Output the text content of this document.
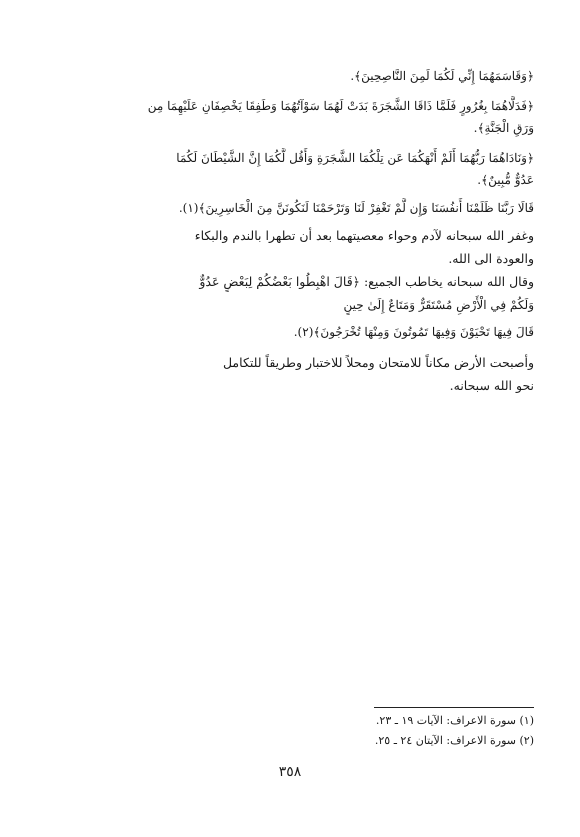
﴿وَقَاسَمَهُمَا إِنِّي لَكُمَا لَمِنَ النَّاصِحِينَ﴾.
﴿فَدَلَّاهُمَا بِغُرُورٍ فَلَمَّا ذَاقَا الشَّجَرَةَ بَدَتْ لَهُمَا سَوْآتُهُمَا وَطَفِقَا يَخْصِفَانِ عَلَيْهِمَا مِن
وَرَقِ الْجَنَّةِ﴾.
﴿وَنَادَاهُمَا رَبُّهُمَا أَلَمْ أَنْهَكُمَا عَن تِلْكُمَا الشَّجَرَةِ وَأَقُل لَّكُمَا إِنَّ الشَّيْطَانَ لَكُمَا
عَدُوٌّ مُّبِينٌ﴾.
قَالَا رَبَّنَا ظَلَمْنَا أَنفُسَنَا وَإِن لَّمْ تَغْفِرْ لَنَا وَتَرْحَمْنَا لَنَكُونَنَّ مِنَ الْخَاسِرِينَ﴾(١).
وغفر الله سبحانه لآدم وحواء معصيتهما بعد أن تطهرا بالندم والبكاء
والعودة الى الله.
وقال الله سبحانه يخاطب الجميع: ﴿قَالَ اهْبِطُوا بَعْضُكُمْ لِبَعْضٍ عَدُوٌّ
وَلَكُمْ فِي الْأَرْضِ مُسْتَقَرٌّ وَمَتَاعٌ إِلَىٰ حِينٍ
قَالَ فِيهَا تَحْيَوْنَ وَفِيهَا تَمُوتُونَ وَمِنْهَا تُخْرَجُونَ﴾(٢).
وأصبحت الأرض مكاناً للامتحان ومحلاً للاختبار وطريقاً للتكامل
نحو الله سبحانه.
(١) سورة الاعراف: الآيات ١٩ ـ ٢٣.
(٢) سورة الاعراف: الآيتان ٢٤ ـ ٢٥.
٣٥٨
